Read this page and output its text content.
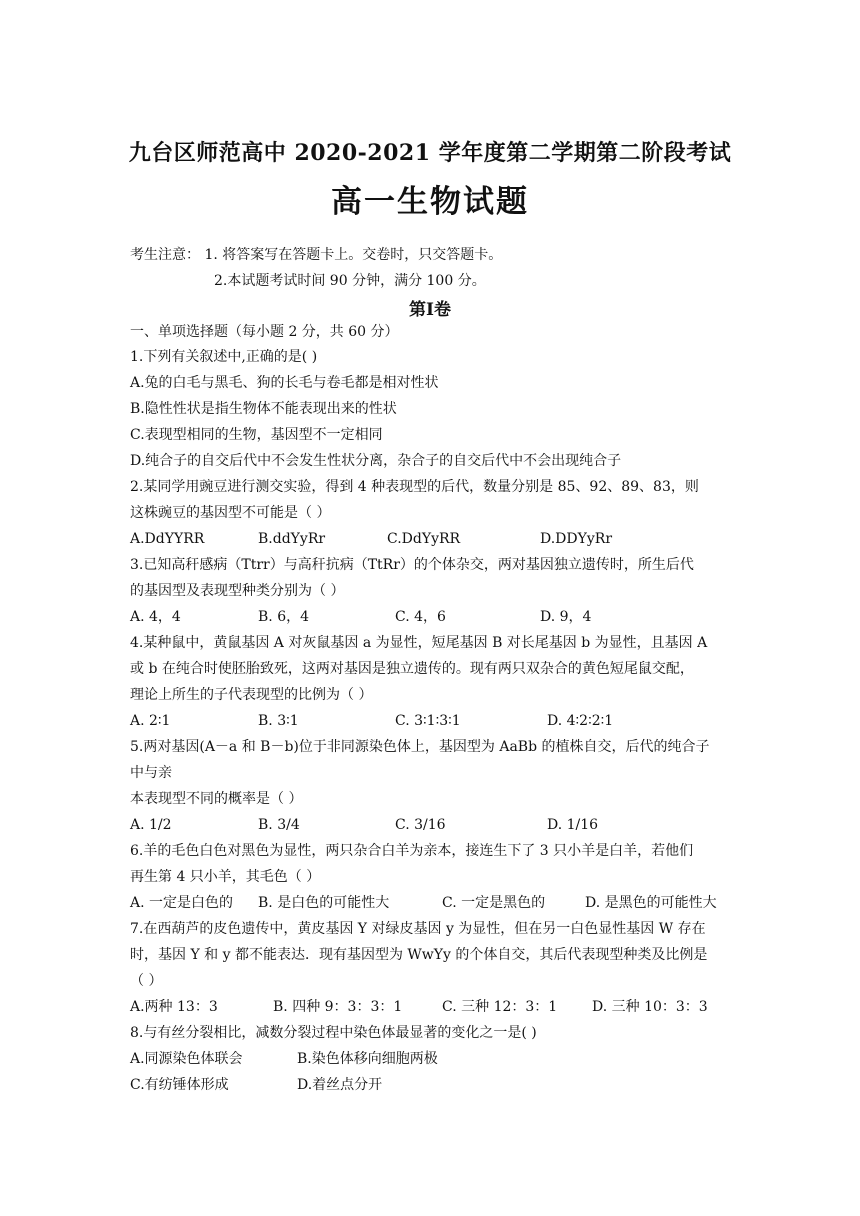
九台区师范高中 2020-2021 学年度第二学期第二阶段考试
高一生物试题
考生注意： 1. 将答案写在答题卡上。交卷时，只交答题卡。
2.本试题考试时间 90 分钟，满分 100 分。
第Ⅰ卷
一、单项选择题（每小题 2 分，共 60 分）
1.下列有关叙述中,正确的是( )
A.兔的白毛与黑毛、狗的长毛与卷毛都是相对性状
B.隐性性状是指生物体不能表现出来的性状
C.表现型相同的生物，基因型不一定相同
D.纯合子的自交后代中不会发生性状分离，杂合子的自交后代中不会出现纯合子
2.某同学用豌豆进行测交实验，得到 4 种表现型的后代，数量分别是 85、92、89、83，则
这株豌豆的基因型不可能是（ ）
A.DdYYRR	B.ddYyRr	C.DdYyRR	D.DDYyRr
3.已知高秆感病（Ttrr）与高秆抗病（TtRr）的个体杂交，两对基因独立遗传时，所生后代
的基因型及表现型种类分别为（ ）
A. 4，4	B. 6，4	C. 4，6	D. 9，4
4.某种鼠中，黄鼠基因 A 对灰鼠基因 a 为显性，短尾基因 B 对长尾基因 b 为显性，且基因 A
或 b 在纯合时使胚胎致死，这两对基因是独立遗传的。现有两只双杂合的黄色短尾鼠交配，
理论上所生的子代表现型的比例为（ ）
A. 2∶1	B. 3∶1	C. 3∶1∶3∶1	D. 4∶2∶2∶1
5.两对基因(A－a 和 B－b)位于非同源染色体上，基因型为 AaBb 的植株自交，后代的纯合子
中与亲
本表现型不同的概率是（ ）
A. 1/2	B. 3/4	C. 3/16	D. 1/16
6.羊的毛色白色对黑色为显性，两只杂合白羊为亲本，接连生下了 3 只小羊是白羊，若他们
再生第 4 只小羊，其毛色（ ）
A. 一定是白色的 B. 是白色的可能性大	C. 一定是黑色的	D. 是黑色的可能性大
7.在西葫芦的皮色遗传中，黄皮基因 Y 对绿皮基因 y 为显性，但在另一白色显性基因 W 存在
时，基因 Y 和 y 都不能表达．现有基因型为 WwYy 的个体自交，其后代表现型种类及比例是
（ ）
A.两种 13：3	B. 四种 9：3：3：1	C. 三种 12：3：1 D. 三种 10：3：3
8.与有丝分裂相比，减数分裂过程中染色体最显著的变化之一是( )
A.同源染色体联会	B.染色体移向细胞两极
C.有纺锤体形成	D.着丝点分开
